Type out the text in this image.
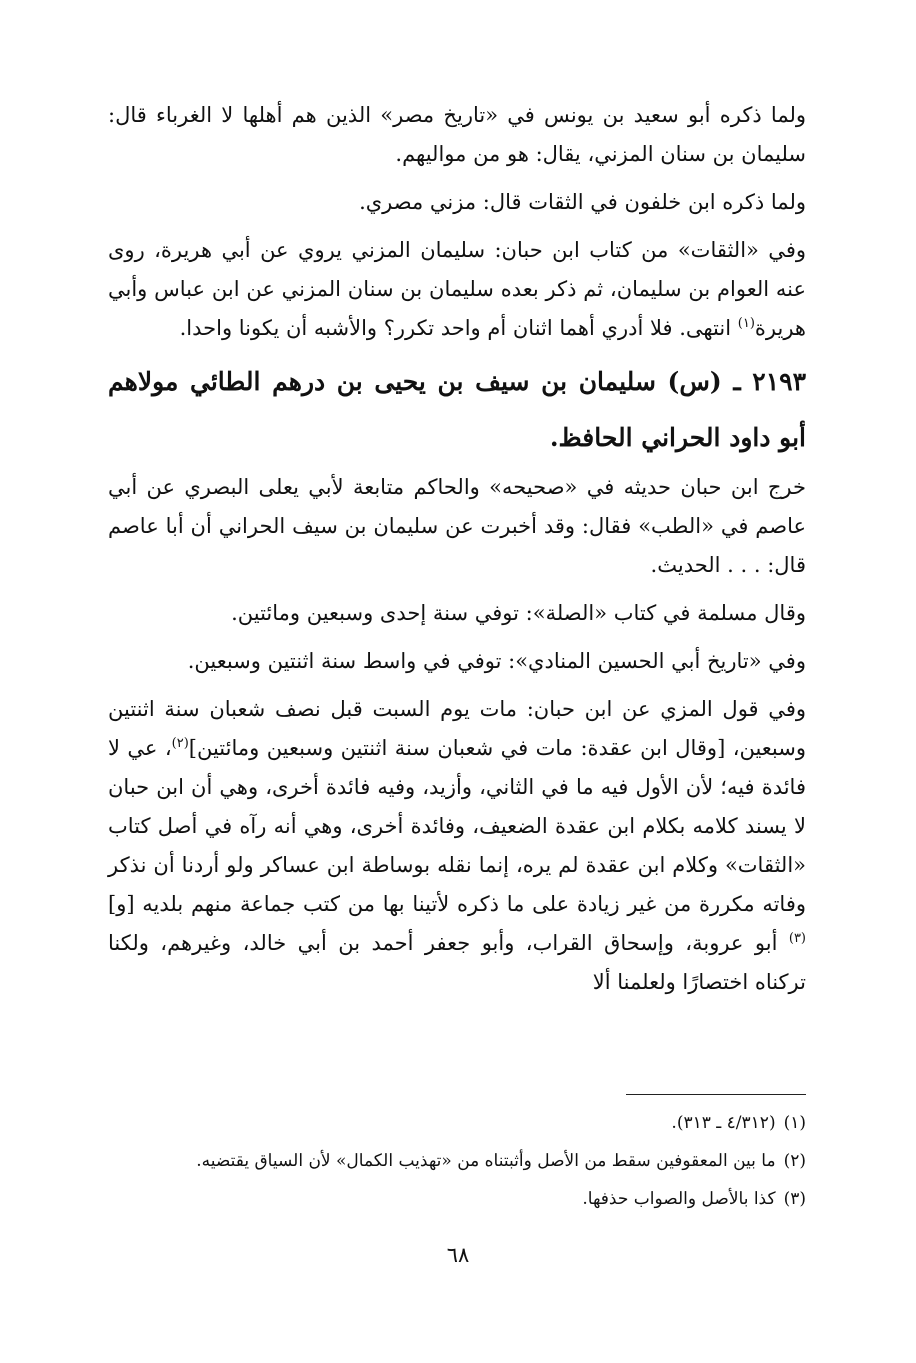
ولما ذكره أبو سعيد بن يونس في «تاريخ مصر» الذين هم أهلها لا الغرباء قال: سليمان بن سنان المزني، يقال: هو من مواليهم.

ولما ذكره ابن خلفون في الثقات قال: مزني مصري.

وفي «الثقات» من كتاب ابن حبان: سليمان المزني يروي عن أبي هريرة، روى عنه العوام بن سليمان، ثم ذكر بعده سليمان بن سنان المزني عن ابن عباس وأبي هريرة$^{(١)}$ انتهى. فلا أدري أهما اثنان أم واحد تكرر؟ والأشبه أن يكونا واحدا.

٢١٩٣ ـ (س) سليمان بن سيف بن يحيى بن درهم الطائي مولاهم أبو داود الحراني الحافظ.

خرج ابن حبان حديثه في «صحيحه» والحاكم متابعة لأبي يعلى البصري عن أبي عاصم في «الطب» فقال: وقد أخبرت عن سليمان بن سيف الحراني أن أبا عاصم قال: . . . الحديث.

وقال مسلمة في كتاب «الصلة»: توفي سنة إحدى وسبعين ومائتين.

وفي «تاريخ أبي الحسين المنادي»: توفي في واسط سنة اثنتين وسبعين.

وفي قول المزي عن ابن حبان: مات يوم السبت قبل نصف شعبان سنة اثنتين وسبعين، [وقال ابن عقدة: مات في شعبان سنة اثنتين وسبعين ومائتين]$^{(٢)}$، عي لا فائدة فيه؛ لأن الأول فيه ما في الثاني، وأزيد، وفيه فائدة أخرى، وهي أن ابن حبان لا يسند كلامه بكلام ابن عقدة الضعيف، وفائدة أخرى، وهي أنه رآه في أصل كتاب «الثقات» وكلام ابن عقدة لم يره، إنما نقله بوساطة ابن عساكر ولو أردنا أن نذكر وفاته مكررة من غير زيادة على ما ذكره لأتينا بها من كتب جماعة منهم بلديه [و]$^{(٣)}$ أبو عروبة، وإسحاق القراب، وأبو جعفر أحمد بن أبي خالد، وغيرهم، ولكنا تركناه اختصارًا ولعلمنا ألا

(١)(٤/٣١٢ ـ ٣١٣).
(٢)ما بين المعقوفين سقط من الأصل وأثبتناه من «تهذيب الكمال» لأن السياق يقتضيه.
(٣)كذا بالأصل والصواب حذفها.
٦٨
